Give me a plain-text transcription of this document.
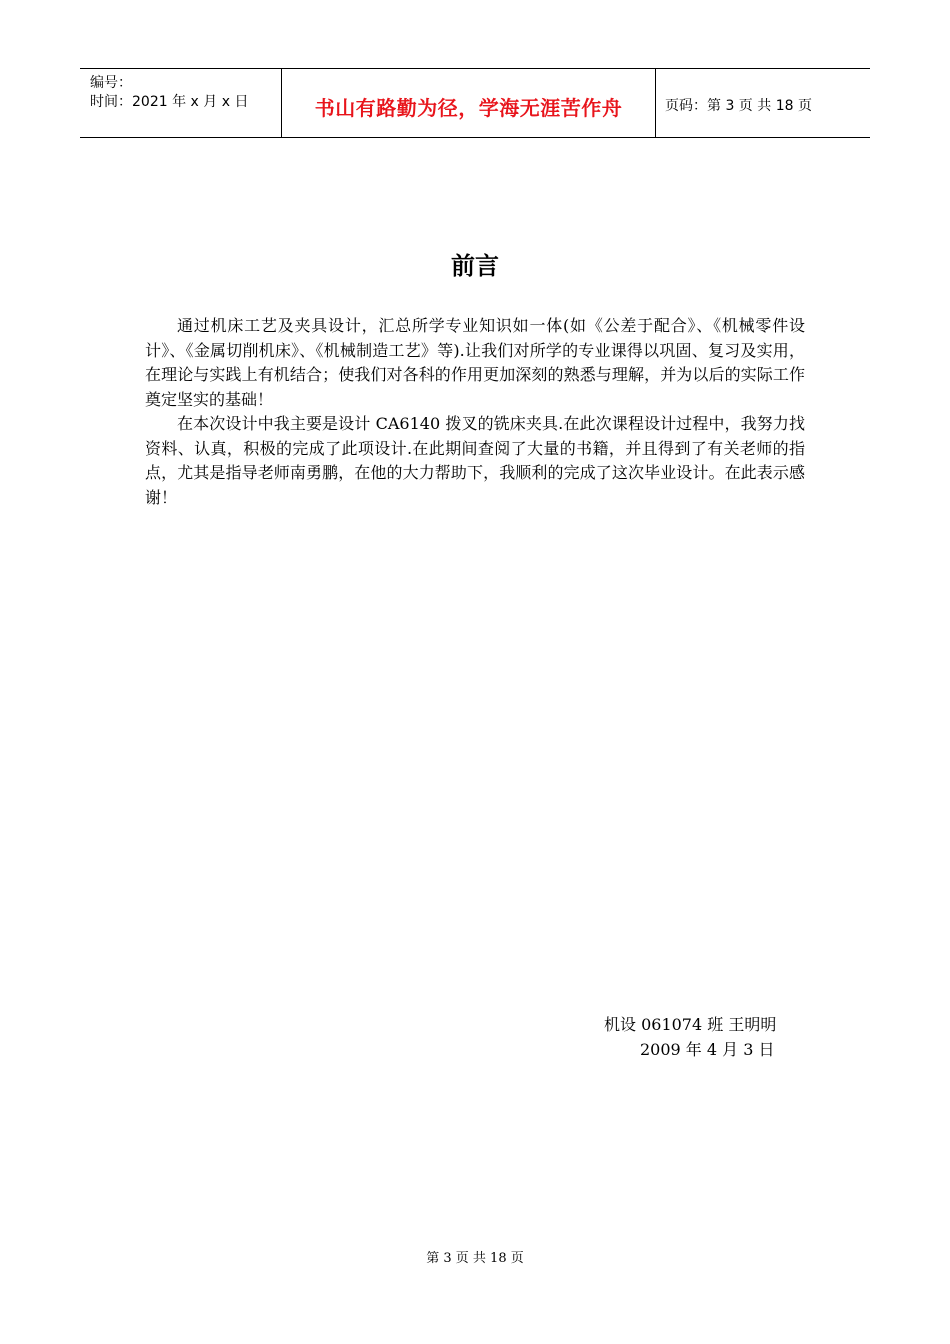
编号：
时间：2021 年 x 月 x 日	书山有路勤为径，学海无涯苦作舟	页码：第 3 页 共 18 页
前言

通过机床工艺及夹具设计，汇总所学专业知识如一体(如《公差于配合》、《机械零件设计》、《金属切削机床》、《机械制造工艺》等).让我们对所学的专业课得以巩固、复习及实用，在理论与实践上有机结合；使我们对各科的作用更加深刻的熟悉与理解，并为以后的实际工作奠定坚实的基础！

在本次设计中我主要是设计 CA6140 拨叉的铣床夹具.在此次课程设计过程中，我努力找资料、认真，积极的完成了此项设计.在此期间查阅了大量的书籍，并且得到了有关老师的指点，尤其是指导老师南勇鹏，在他的大力帮助下，我顺利的完成了这次毕业设计。在此表示感谢！

机设 061074 班 王明明
2009 年 4 月 3 日
第 3 页 共 18 页
